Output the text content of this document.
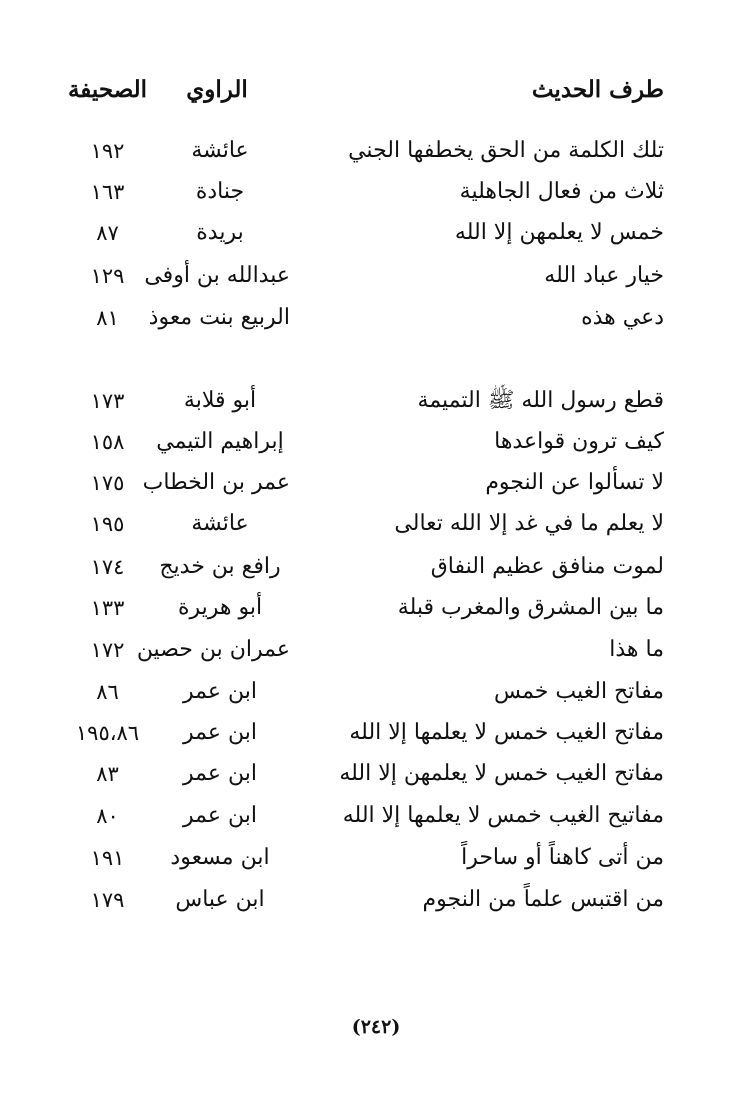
طرف الحديث
الراوي
الصحيفة
تلك الكلمة من الحق يخطفها الجني
عائشة
١٩٢
ثلاث من فعال الجاهلية
جنادة
١٦٣
خمس لا يعلمهن إلا الله
بريدة
٨٧
خيار عباد الله
عبدالله بن أوفى
١٢٩
دعي هذه
الربيع بنت معوذ
٨١
قطع رسول الله ﷺ التميمة
أبو قلابة
١٧٣
كيف ترون قواعدها
إبراهيم التيمي
١٥٨
لا تسألوا عن النجوم
عمر بن الخطاب
١٧٥
لا يعلم ما في غد إلا الله تعالى
عائشة
١٩٥
لموت منافق عظيم النفاق
رافع بن خديج
١٧٤
ما بين المشرق والمغرب قبلة
أبو هريرة
١٣٣
ما هذا
عمران بن حصين
١٧٢
مفاتح الغيب خمس
ابن عمر
٨٦
مفاتح الغيب خمس لا يعلمها إلا الله
ابن عمر
١٩٥،٨٦
مفاتح الغيب خمس لا يعلمهن إلا الله
ابن عمر
٨٣
مفاتيح الغيب خمس لا يعلمها إلا الله
ابن عمر
٨٠
من أتى كاهناً أو ساحراً
ابن مسعود
١٩١
من اقتبس علماً من النجوم
ابن عباس
١٧٩
(٢٤٢)
